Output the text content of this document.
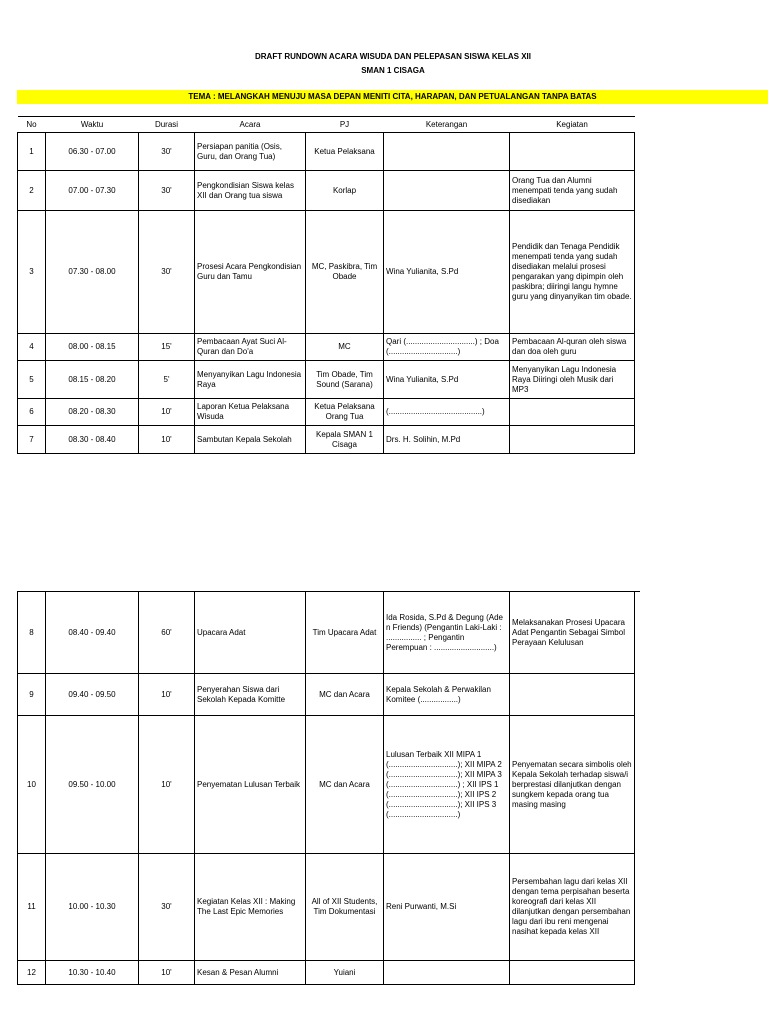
DRAFT RUNDOWN ACARA WISUDA DAN PELEPASAN SISWA KELAS XII
SMAN 1 CISAGA
TEMA : MELANGKAH MENUJU MASA DEPAN MENITI CITA, HARAPAN, DAN PETUALANGAN TANPA BATAS
No	Waktu	Durasi	Acara	PJ	Keterangan	Kegiatan
1	06.30 - 07.00	30'	Persiapan panitia (Osis, Guru, dan Orang Tua)	Ketua Pelaksana		
2	07.00 - 07.30	30'	Pengkondisian Siswa kelas XII dan Orang tua siswa	Korlap		Orang Tua dan Alumni menempati tenda yang sudah disediakan
3	07.30 - 08.00	30'	Prosesi Acara Pengkondisian Guru dan Tamu	MC, Paskibra, Tim Obade	Wina Yulianita, S.Pd	Pendidik dan Tenaga Pendidik menempati tenda yang sudah disediakan melalui prosesi pengarakan yang dipimpin oleh paskibra; diiringi langu hymne guru yang dinyanyikan tim obade.
4	08.00 - 08.15	15'	Pembacaan Ayat Suci Al-Quran dan Do'a	MC	Qari (...............................) ; Doa (...............................)	Pembacaan Al-quran oleh siswa dan doa oleh guru
5	08.15 - 08.20	5'	Menyanyikan Lagu Indonesia Raya	Tim Obade, Tim Sound (Sarana)	Wina Yulianita, S.Pd	Menyanyikan Lagu Indonesia Raya Diiringi oleh Musik dari MP3
6	08.20 - 08.30	10'	Laporan Ketua Pelaksana Wisuda	Ketua Pelaksana Orang Tua	(..........................................)	
7	08.30 - 08.40	10'	Sambutan Kepala Sekolah	Kepala SMAN 1 Cisaga	Drs. H. Solihin, M.Pd	
8	08.40 - 09.40	60'	Upacara Adat	Tim Upacara Adat	Ida Rosida, S.Pd & Degung (Ade n Friends) (Pengantin Laki-Laki : ................ ; Pengantin Perempuan : ...........................)	Melaksanakan Prosesi Upacara Adat Pengantin Sebagai Simbol Perayaan Kelulusan
9	09.40 - 09.50	10'	Penyerahan Siswa dari Sekolah Kepada Komitte	MC dan Acara	Kepala Sekolah & Perwakilan Komitee (.................)	
10	09.50 - 10.00	10'	Penyematan Lulusan Terbaik	MC dan Acara	Lulusan Terbaik XII MIPA 1 (...............................); XII MIPA 2 (...............................); XII MIPA 3 (...............................) ; XII IPS 1 (...............................); XII IPS 2 (...............................); XII IPS 3 (...............................)	Penyematan secara simbolis oleh Kepala Sekolah terhadap siswa/i berprestasi dilanjutkan dengan sungkem kepada orang tua masing masing
11	10.00 - 10.30	30'	Kegiatan Kelas XII : Making The Last Epic Memories	All of XII Students, Tim Dokumentasi	Reni Purwanti, M.Si	Persembahan lagu dari kelas XII dengan tema perpisahan beserta koreografi dari kelas XII dilanjutkan dengan persembahan lagu dari ibu reni mengenai nasihat kepada kelas XII
12	10.30 - 10.40	10'	Kesan & Pesan Alumni	Yuiani		
